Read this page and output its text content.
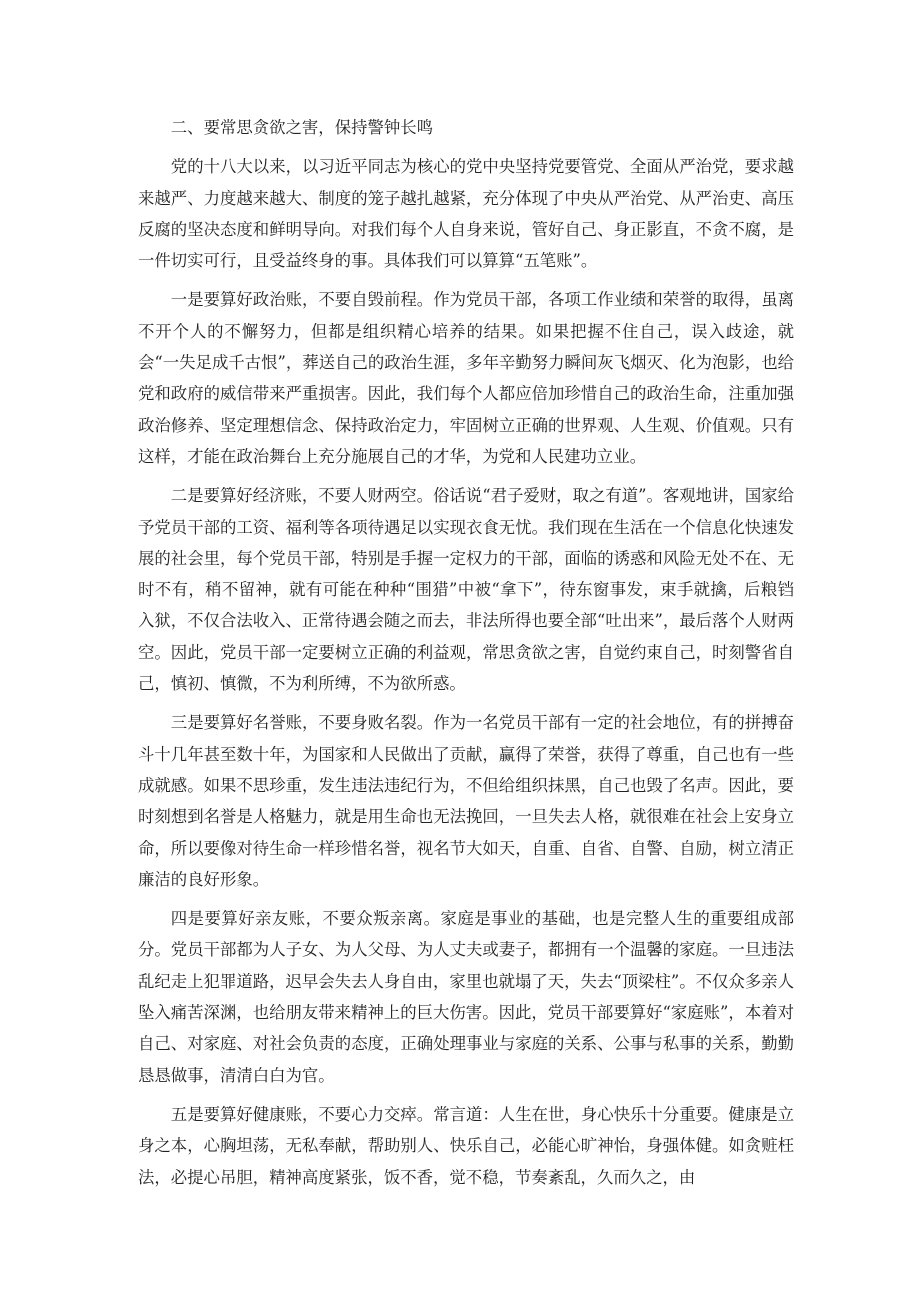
二、要常思贪欲之害，保持警钟长鸣

党的十八大以来，以习近平同志为核心的党中央坚持党要管党、全面从严治党，要求越来越严、力度越来越大、制度的笼子越扎越紧，充分体现了中央从严治党、从严治吏、高压反腐的坚决态度和鲜明导向。对我们每个人自身来说，管好自己、身正影直，不贪不腐，是一件切实可行，且受益终身的事。具体我们可以算算“五笔账”。

一是要算好政治账，不要自毁前程。作为党员干部，各项工作业绩和荣誉的取得，虽离不开个人的不懈努力，但都是组织精心培养的结果。如果把握不住自己，误入歧途，就会“一失足成千古恨”，葬送自己的政治生涯，多年辛勤努力瞬间灰飞烟灭、化为泡影，也给党和政府的威信带来严重损害。因此，我们每个人都应倍加珍惜自己的政治生命，注重加强政治修养、坚定理想信念、保持政治定力，牢固树立正确的世界观、人生观、价值观。只有这样，才能在政治舞台上充分施展自己的才华，为党和人民建功立业。

二是要算好经济账，不要人财两空。俗话说“君子爱财，取之有道”。客观地讲，国家给予党员干部的工资、福利等各项待遇足以实现衣食无忧。我们现在生活在一个信息化快速发展的社会里，每个党员干部，特别是手握一定权力的干部，面临的诱惑和风险无处不在、无时不有，稍不留神，就有可能在种种“围猎”中被“拿下”，待东窗事发，束手就擒，后粮铛入狱，不仅合法收入、正常待遇会随之而去，非法所得也要全部“吐出来”，最后落个人财两空。因此，党员干部一定要树立正确的利益观，常思贪欲之害，自觉约束自己，时刻警省自己，慎初、慎微，不为利所缚，不为欲所惑。

三是要算好名誉账，不要身败名裂。作为一名党员干部有一定的社会地位，有的拼搏奋斗十几年甚至数十年，为国家和人民做出了贡献，赢得了荣誉，获得了尊重，自己也有一些成就感。如果不思珍重，发生违法违纪行为，不但给组织抹黑，自己也毁了名声。因此，要时刻想到名誉是人格魅力，就是用生命也无法挽回，一旦失去人格，就很难在社会上安身立命，所以要像对待生命一样珍惜名誉，视名节大如天，自重、自省、自警、自励，树立清正廉洁的良好形象。

四是要算好亲友账，不要众叛亲离。家庭是事业的基础，也是完整人生的重要组成部分。党员干部都为人子女、为人父母、为人丈夫或妻子，都拥有一个温馨的家庭。一旦违法乱纪走上犯罪道路，迟早会失去人身自由，家里也就塌了天，失去“顶梁柱”。不仅众多亲人坠入痛苦深渊，也给朋友带来精神上的巨大伤害。因此，党员干部要算好“家庭账”，本着对自己、对家庭、对社会负责的态度，正确处理事业与家庭的关系、公事与私事的关系，勤勤恳恳做事，清清白白为官。

五是要算好健康账，不要心力交瘁。常言道：人生在世，身心快乐十分重要。健康是立身之本，心胸坦荡，无私奉献，帮助别人、快乐自己，必能心旷神怡，身强体健。如贪赃枉法，必提心吊胆，精神高度紧张，饭不香，觉不稳，节奏紊乱，久而久之，由
